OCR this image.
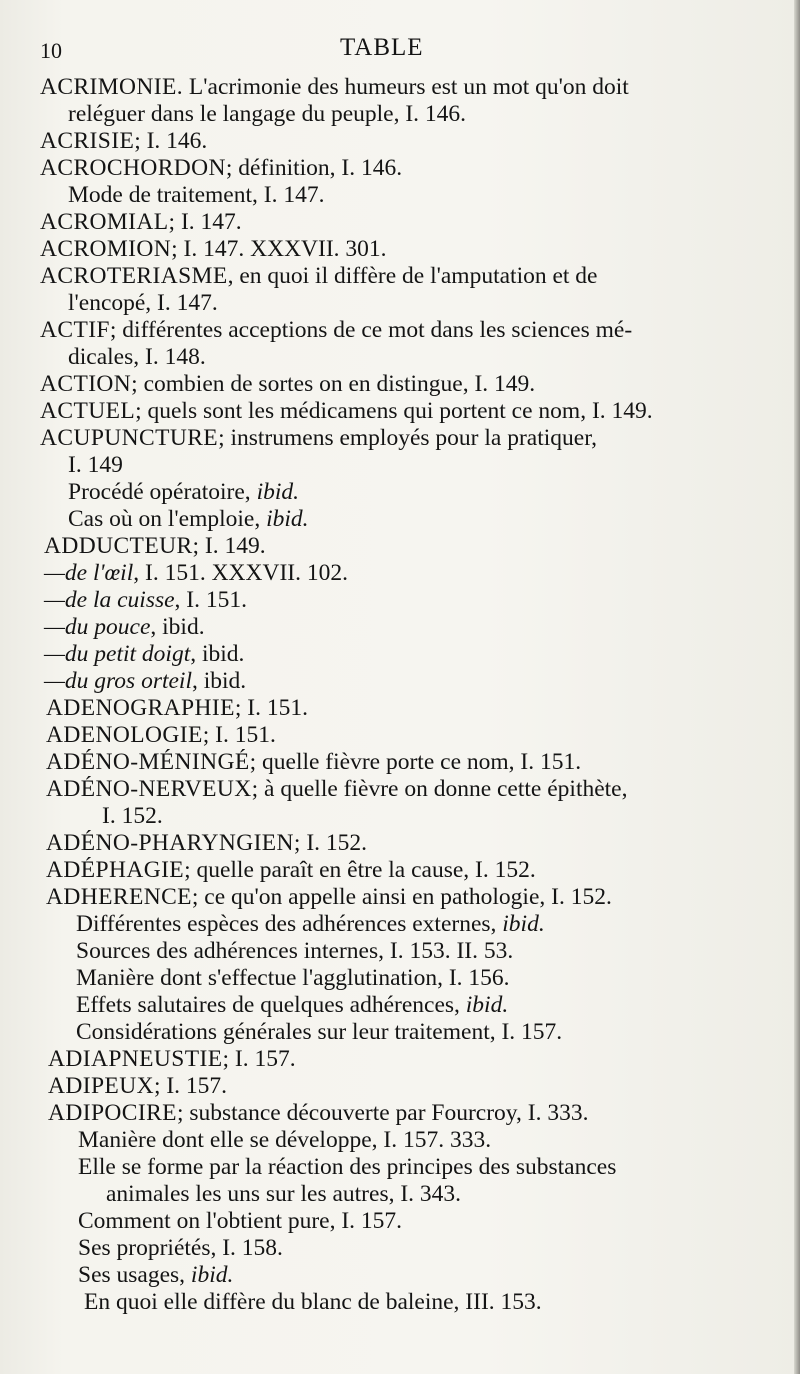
10	TABLE
ACRIMONIE. L'acrimonie des humeurs est un mot qu'on doit
reléguer dans le langage du peuple, I. 146.
ACRISIE; I. 146.
ACROCHORDON; définition, I. 146.
Mode de traitement, I. 147.
ACROMIAL; I. 147.
ACROMION; I. 147. XXXVII. 301.
ACROTERIASME, en quoi il diffère de l'amputation et de
l'encopé, I. 147.
ACTIF; différentes acceptions de ce mot dans les sciences mé-
dicales, I. 148.
ACTION; combien de sortes on en distingue, I. 149.
ACTUEL; quels sont les médicamens qui portent ce nom, I. 149.
ACUPUNCTURE; instrumens employés pour la pratiquer,
I. 149
Procédé opératoire, ibid.
Cas où on l'emploie, ibid.
ADDUCTEUR; I. 149.
—de l'œil, I. 151. XXXVII. 102.
—de la cuisse, I. 151.
—du pouce, ibid.
—du petit doigt, ibid.
—du gros orteil, ibid.
ADENOGRAPHIE; I. 151.
ADENOLOGIE; I. 151.
ADÉNO-MÉNINGÉ; quelle fièvre porte ce nom, I. 151.
ADÉNO-NERVEUX; à quelle fièvre on donne cette épithète,
I. 152.
ADÉNO-PHARYNGIEN; I. 152.
ADÉPHAGIE; quelle paraît en être la cause, I. 152.
ADHERENCE; ce qu'on appelle ainsi en pathologie, I. 152.
Différentes espèces des adhérences externes, ibid.
Sources des adhérences internes, I. 153. II. 53.
Manière dont s'effectue l'agglutination, I. 156.
Effets salutaires de quelques adhérences, ibid.
Considérations générales sur leur traitement, I. 157.
ADIAPNEUSTIE; I. 157.
ADIPEUX; I. 157.
ADIPOCIRE; substance découverte par Fourcroy, I. 333.
Manière dont elle se développe, I. 157. 333.
Elle se forme par la réaction des principes des substances
animales les uns sur les autres, I. 343.
Comment on l'obtient pure, I. 157.
Ses propriétés, I. 158.
Ses usages, ibid.
En quoi elle diffère du blanc de baleine, III. 153.
